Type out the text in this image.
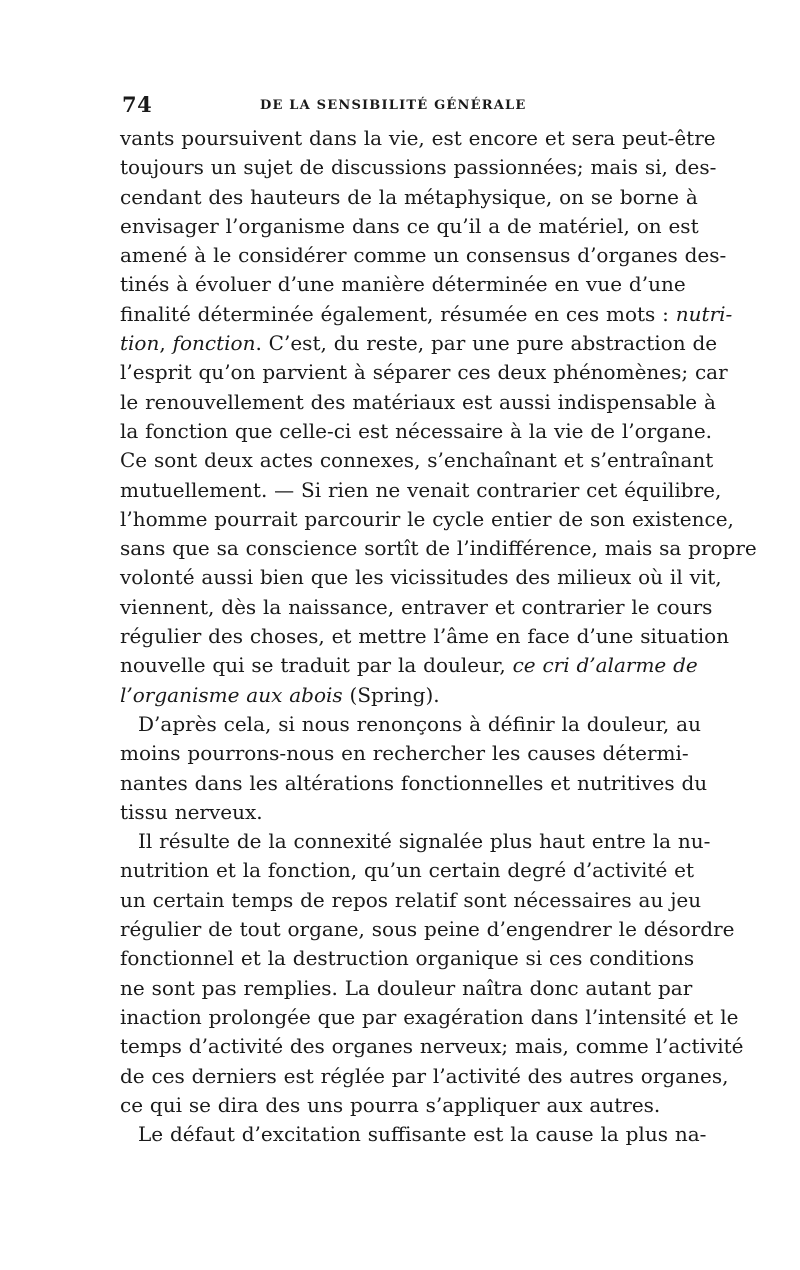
74	DE LA SENSIBILITÉ GÉNÉRALE
vants poursuivent dans la vie, est encore et sera peut-être
toujours un sujet de discussions passionnées; mais si, des-
cendant des hauteurs de la métaphysique, on se borne à
envisager l’organisme dans ce qu’il a de matériel, on est
amené à le considérer comme un consensus d’organes des-
tinés à évoluer d’une manière déterminée en vue d’une
finalité déterminée également, résumée en ces mots : nutri-
tion, fonction. C’est, du reste, par une pure abstraction de
l’esprit qu’on parvient à séparer ces deux phénomènes; car
le renouvellement des matériaux est aussi indispensable à
la fonction que celle-ci est nécessaire à la vie de l’organe.
Ce sont deux actes connexes, s’enchaînant et s’entraînant
mutuellement. — Si rien ne venait contrarier cet équilibre,
l’homme pourrait parcourir le cycle entier de son existence,
sans que sa conscience sortît de l’indifférence, mais sa propre
volonté aussi bien que les vicissitudes des milieux où il vit,
viennent, dès la naissance, entraver et contrarier le cours
régulier des choses, et mettre l’âme en face d’une situation
nouvelle qui se traduit par la douleur, ce cri d’alarme de
l’organisme aux abois (Spring).
D’après cela, si nous renonçons à définir la douleur, au
moins pourrons-nous en rechercher les causes détermi-
nantes dans les altérations fonctionnelles et nutritives du
tissu nerveux.
Il résulte de la connexité signalée plus haut entre la nu-
nutrition et la fonction, qu’un certain degré d’activité et
un certain temps de repos relatif sont nécessaires au jeu
régulier de tout organe, sous peine d’engendrer le désordre
fonctionnel et la destruction organique si ces conditions
ne sont pas remplies. La douleur naîtra donc autant par
inaction prolongée que par exagération dans l’intensité et le
temps d’activité des organes nerveux; mais, comme l’activité
de ces derniers est réglée par l’activité des autres organes,
ce qui se dira des uns pourra s’appliquer aux autres.
Le défaut d’excitation suffisante est la cause la plus na-
